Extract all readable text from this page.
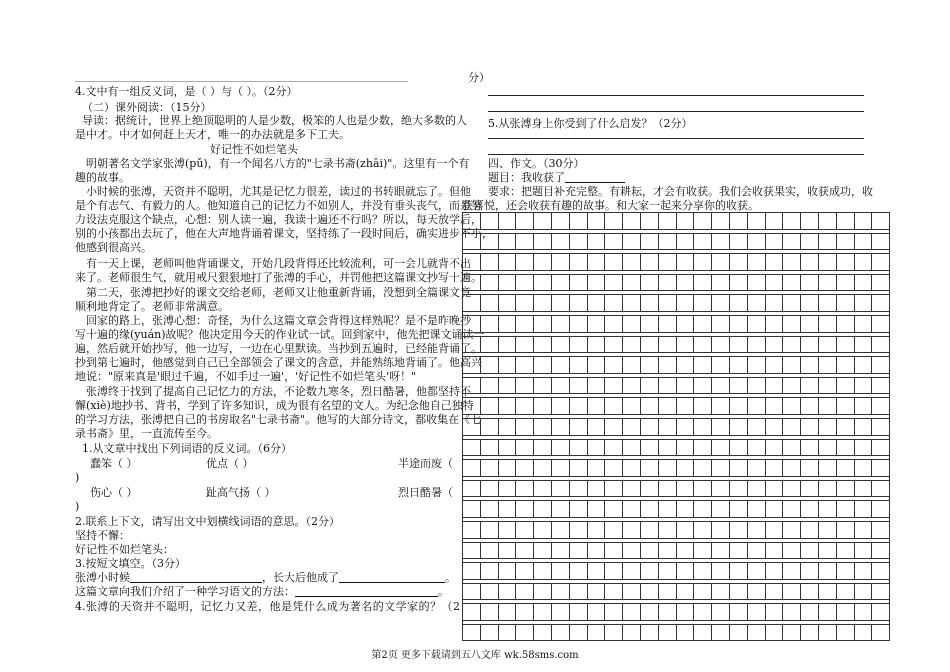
4.文中有一组反义词，是（ ）与（ ）。（2分）
（二）课外阅读：（15分）
导读：据统计，世界上绝顶聪明的人是少数，极笨的人也是少数，绝大多数的人
是中才。中才如何赶上天才，唯一的办法就是多下工夫。
好记性不如烂笔头
明朝著名文学家张溥(pǔ)，有一个闻名八方的"七录书斋(zhāi)"。这里有一个有
趣的故事。
小时候的张溥，天资并不聪明，尤其是记忆力很差，读过的书转眼就忘了。但他
是个有志气、有毅力的人。他知道自己的记忆力不如别人，并没有垂头丧气，而是努
力设法克服这个缺点，心想：别人读一遍，我读十遍还不行吗？所以，每天放学后，
别的小孩都出去玩了，他在大声地背诵着课文，坚持练了一段时间后，确实进步不小，
他感到很高兴。
有一天上课，老师叫他背诵课文，开始几段背得还比较流利，可一会儿就背不出
来了。老师很生气，就用戒尺狠狠地打了张溥的手心，并罚他把这篇课文抄写十遍。
第二天，张溥把抄好的课文交给老师，老师又让他重新背诵，没想到全篇课文竟
顺利地背定了。老师非常满意。
回家的路上，张溥心想：奇怪，为什么这篇文章会背得这样熟呢？是不是昨晚抄
写十遍的缘(yuán)故呢？他决定用今天的作业试一试。回到家中，他先把课文诵读一
遍，然后就开始抄写，他一边写，一边在心里默读。当抄到五遍时，已经能背诵了。
抄到第七遍时，他感觉到自己已全部领会了课文的含意，并能熟练地背诵了。他高兴
地说："原来真是'眼过千遍，不如手过一遍'，'好记性不如烂笔头'呀！"
张溥终于找到了提高自己记忆力的方法，不论数九寒冬，烈日酷暑，他都坚持不
懈(xiè)地抄书、背书，学到了许多知识，成为很有名望的文人。为纪念他自己独特
的学习方法，张溥把自己的书房取名"七录书斋"。他写的大部分诗文，都收集在《七
录书斋》里，一直流传至今。
1.从文章中找出下列词语的反义词。（6分）
蠢笨（ ）	优点（ ）	半途而废（
)
伤心（ ）	趾高气扬（ ）	烈日酷暑（
)
2.联系上下文，请写出文中划横线词语的意思。（2分）
坚持不懈：
好记性不如烂笔头：
3.按短文填空。（3分）
张溥小时候	，长大后他成了	。
这篇文章向我们介绍了一种学习语文的方法：	。
4.张溥的天资并不聪明，记忆力又差，他是凭什么成为著名的文学家的？（2
分）
5.从张溥身上你受到了什么启发？（2分）
四、作文。（30分）
题目：我收获了
要求：把题目补充完整。有耕耘，才会有收获。我们会收获果实，收获成功，收
获喜悦，还会收获有趣的故事。和大家一起来分享你的收获。

第2页 更多下载请到五八文库 wk.58sms.com
